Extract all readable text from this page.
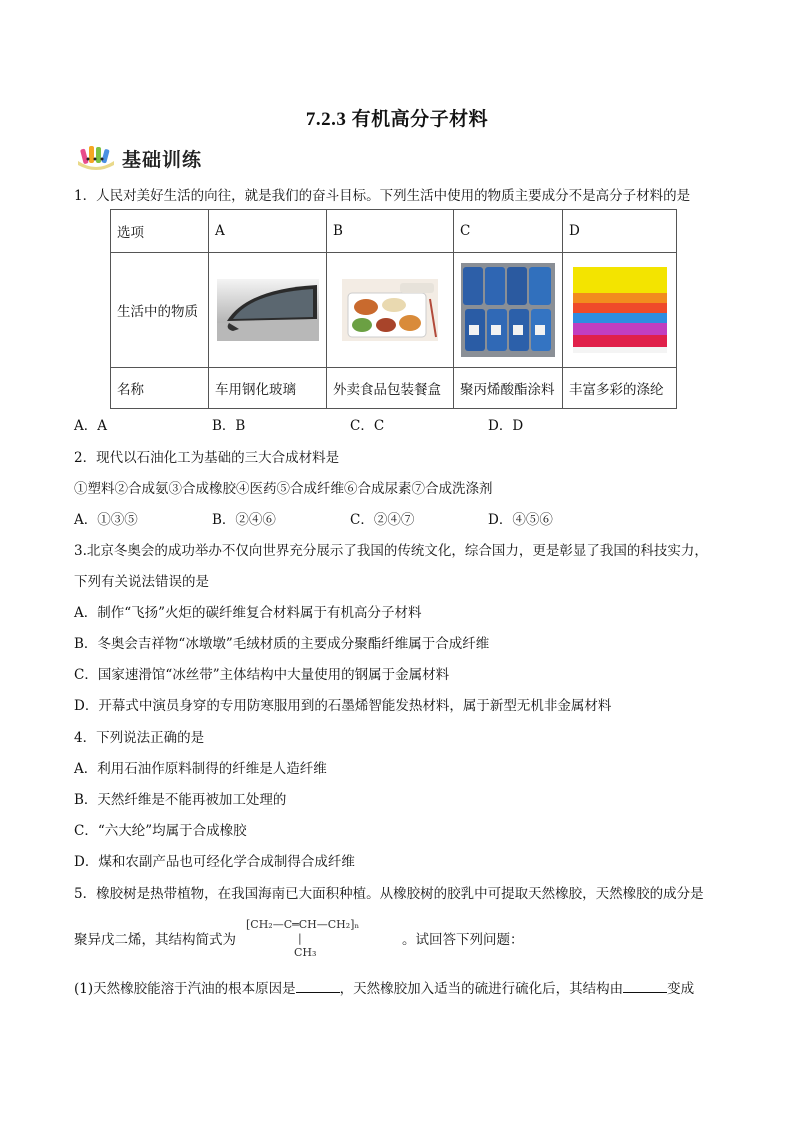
7.2.3 有机高分子材料
基础训练
1．人民对美好生活的向往，就是我们的奋斗目标。下列生活中使用的物质主要成分不是高分子材料的是
选项	A	B	C	D
生活中的物质	

名称	车用钢化玻璃	外卖食品包装餐盒	聚丙烯酸酯涂料	丰富多彩的涤纶
A．A	B．B	C．C	D．D
2．现代以石油化工为基础的三大合成材料是
①塑料②合成氨③合成橡胶④医药⑤合成纤维⑥合成尿素⑦合成洗涤剂
A．①③⑤	B．②④⑥	C．②④⑦	D．④⑤⑥
3.北京冬奥会的成功举办不仅向世界充分展示了我国的传统文化，综合国力，更是彰显了我国的科技实力，
下列有关说法错误的是
A．制作“飞扬”火炬的碳纤维复合材料属于有机高分子材料
B．冬奥会吉祥物“冰墩墩”毛绒材质的主要成分聚酯纤维属于合成纤维
C．国家速滑馆“冰丝带”主体结构中大量使用的钢属于金属材料
D．开幕式中演员身穿的专用防寒服用到的石墨烯智能发热材料，属于新型无机非金属材料
4．下列说法正确的是
A．利用石油作原料制得的纤维是人造纤维
B．天然纤维是不能再被加工处理的
C．“六大纶”均属于合成橡胶
D．煤和农副产品也可经化学合成制得合成纤维
5．橡胶树是热带植物，在我国海南已大面积种植。从橡胶树的胶乳中可提取天然橡胶，天然橡胶的成分是
聚异戊二烯，其结构简式为
[CH₂—C═CH—CH₂]ₙ
|
CH₃
。试回答下列问题：
(1)天然橡胶能溶于汽油的根本原因是	，天然橡胶加入适当的硫进行硫化后，其结构由	变成
